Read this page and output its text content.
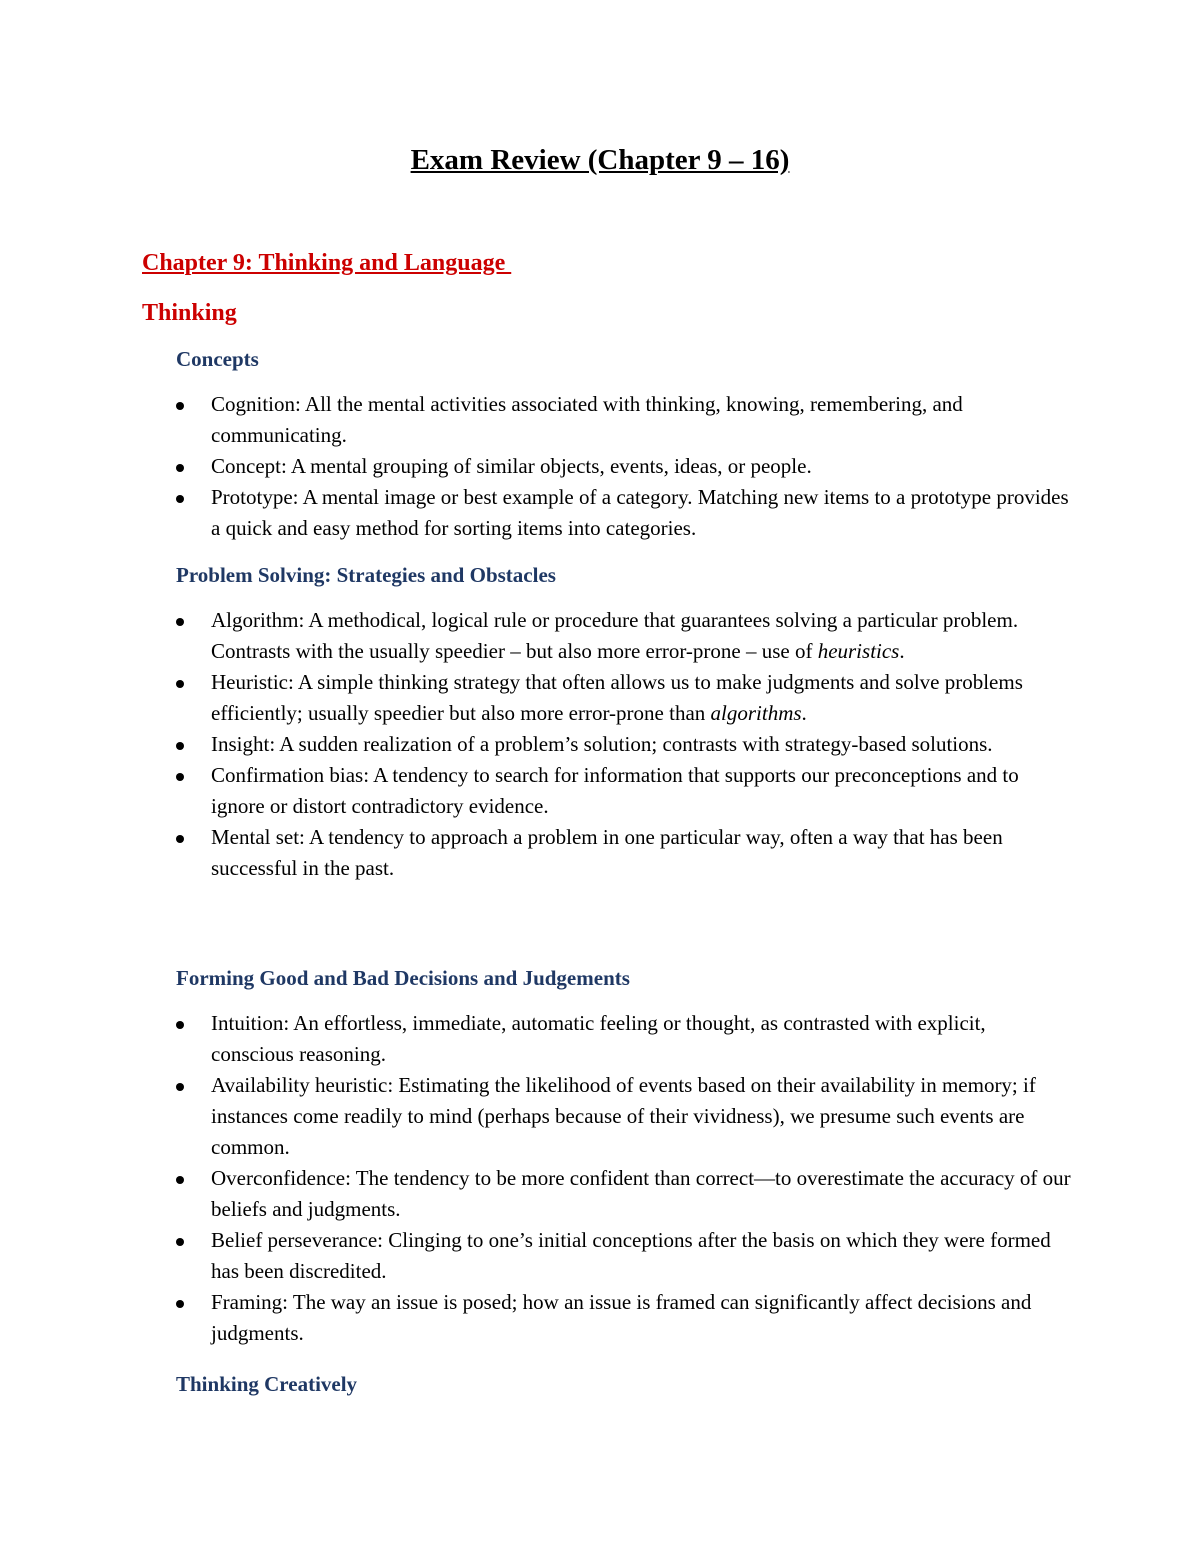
Exam Review (Chapter 9 – 16)
Chapter 9: Thinking and Language
Thinking
Concepts
Cognition: All the mental activities associated with thinking, knowing, remembering, and communicating.
Concept: A mental grouping of similar objects, events, ideas, or people.
Prototype: A mental image or best example of a category. Matching new items to a prototype provides a quick and easy method for sorting items into categories.
Problem Solving: Strategies and Obstacles
Algorithm: A methodical, logical rule or procedure that guarantees solving a particular problem. Contrasts with the usually speedier – but also more error-prone – use of heuristics.
Heuristic: A simple thinking strategy that often allows us to make judgments and solve problems efficiently; usually speedier but also more error-prone than algorithms.
Insight: A sudden realization of a problem’s solution; contrasts with strategy-based solutions.
Confirmation bias: A tendency to search for information that supports our preconceptions and to ignore or distort contradictory evidence.
Mental set: A tendency to approach a problem in one particular way, often a way that has been successful in the past.
Forming Good and Bad Decisions and Judgements
Intuition: An effortless, immediate, automatic feeling or thought, as contrasted with explicit, conscious reasoning.
Availability heuristic: Estimating the likelihood of events based on their availability in memory; if instances come readily to mind (perhaps because of their vividness), we presume such events are common.
Overconfidence: The tendency to be more confident than correct—to overestimate the accuracy of our beliefs and judgments.
Belief perseverance: Clinging to one’s initial conceptions after the basis on which they were formed has been discredited.
Framing: The way an issue is posed; how an issue is framed can significantly affect decisions and judgments.
Thinking Creatively
